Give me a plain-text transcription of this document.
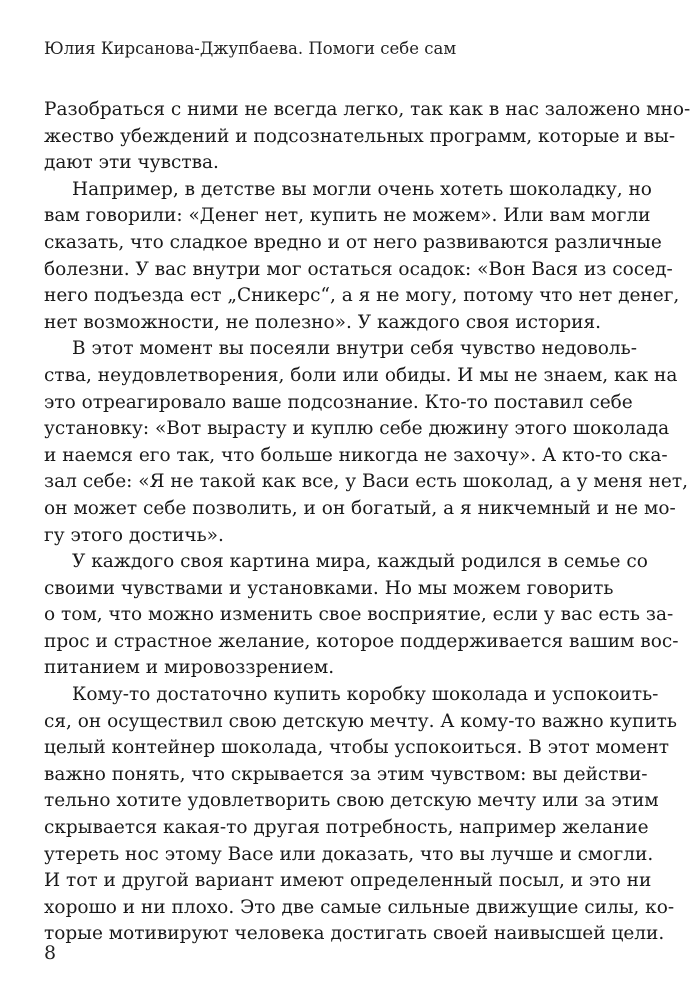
Юлия Кирсанова-Джупбаева. Помоги себе сам

Разобраться с ними не всегда легко, так как в нас заложено мно-
жество убеждений и подсознательных программ, которые и вы-
дают эти чувства.

Например, в детстве вы могли очень хотеть шоколадку, но
вам говорили: «Денег нет, купить не можем». Или вам могли
сказать, что сладкое вредно и от него развиваются различные
болезни. У вас внутри мог остаться осадок: «Вон Вася из сосед-
него подъезда ест „Сникерс“, а я не могу, потому что нет денег,
нет возможности, не полезно». У каждого своя история.

В этот момент вы посеяли внутри себя чувство недоволь-
ства, неудовлетворения, боли или обиды. И мы не знаем, как на
это отреагировало ваше подсознание. Кто-то поставил себе
установку: «Вот вырасту и куплю себе дюжину этого шоколада
и наемся его так, что больше никогда не захочу». А кто-то ска-
зал себе: «Я не такой как все, у Васи есть шоколад, а у меня нет,
он может себе позволить, и он богатый, а я никчемный и не мо-
гу этого достичь».

У каждого своя картина мира, каждый родился в семье со
своими чувствами и установками. Но мы можем говорить
о том, что можно изменить свое восприятие, если у вас есть за-
прос и страстное желание, которое поддерживается вашим вос-
питанием и мировоззрением.

Кому-то достаточно купить коробку шоколада и успокоить-
ся, он осуществил свою детскую мечту. А кому-то важно купить
целый контейнер шоколада, чтобы успокоиться. В этот момент
важно понять, что скрывается за этим чувством: вы действи-
тельно хотите удовлетворить свою детскую мечту или за этим
скрывается какая-то другая потребность, например желание
утереть нос этому Васе или доказать, что вы лучше и смогли.
И тот и другой вариант имеют определенный посыл, и это ни
хорошо и ни плохо. Это две самые сильные движущие силы, ко-
торые мотивируют человека достигать своей наивысшей цели.

8
